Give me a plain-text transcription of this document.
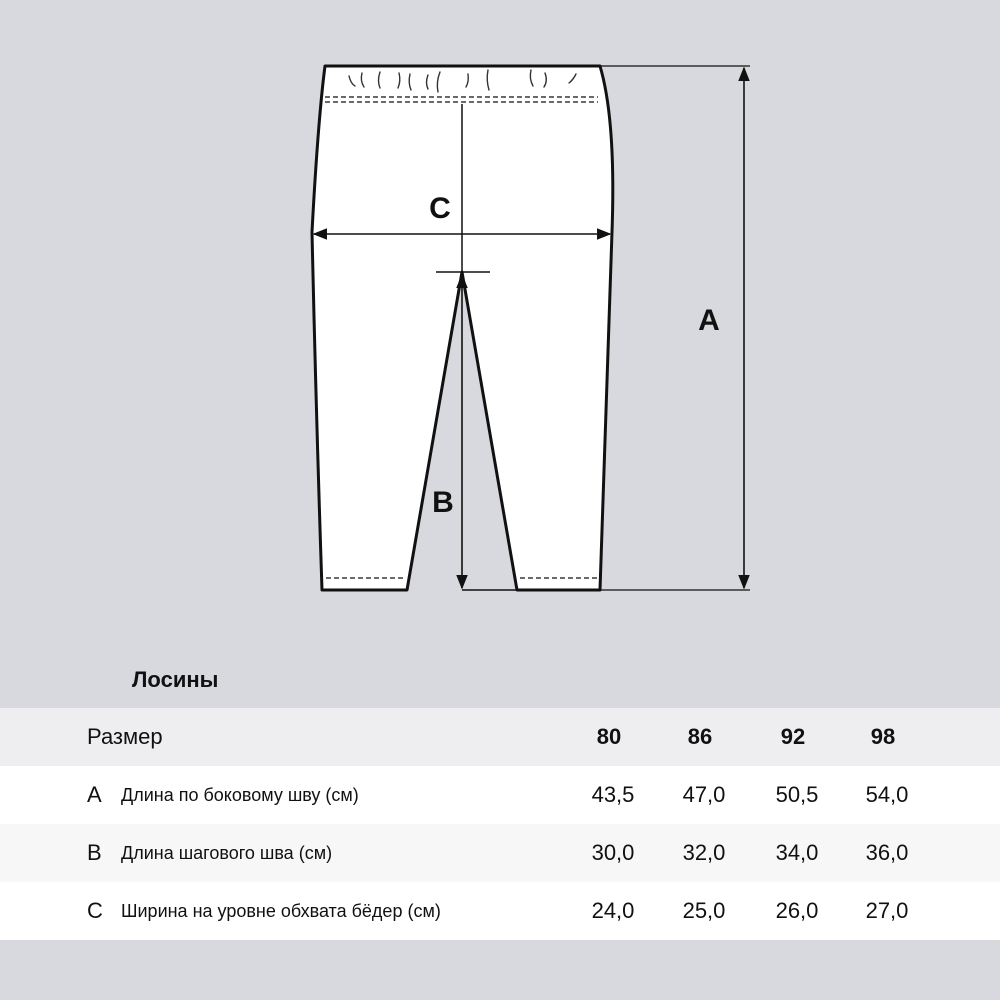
C
B
A
Лосины
Размер	80	86	92	98
A Длина по боковому шву (см)	43,5	47,0	50,5	54,0
B Длина шагового шва (см)	30,0	32,0	34,0	36,0
C Ширина на уровне обхвата бёдер (см)	24,0	25,0	26,0	27,0
